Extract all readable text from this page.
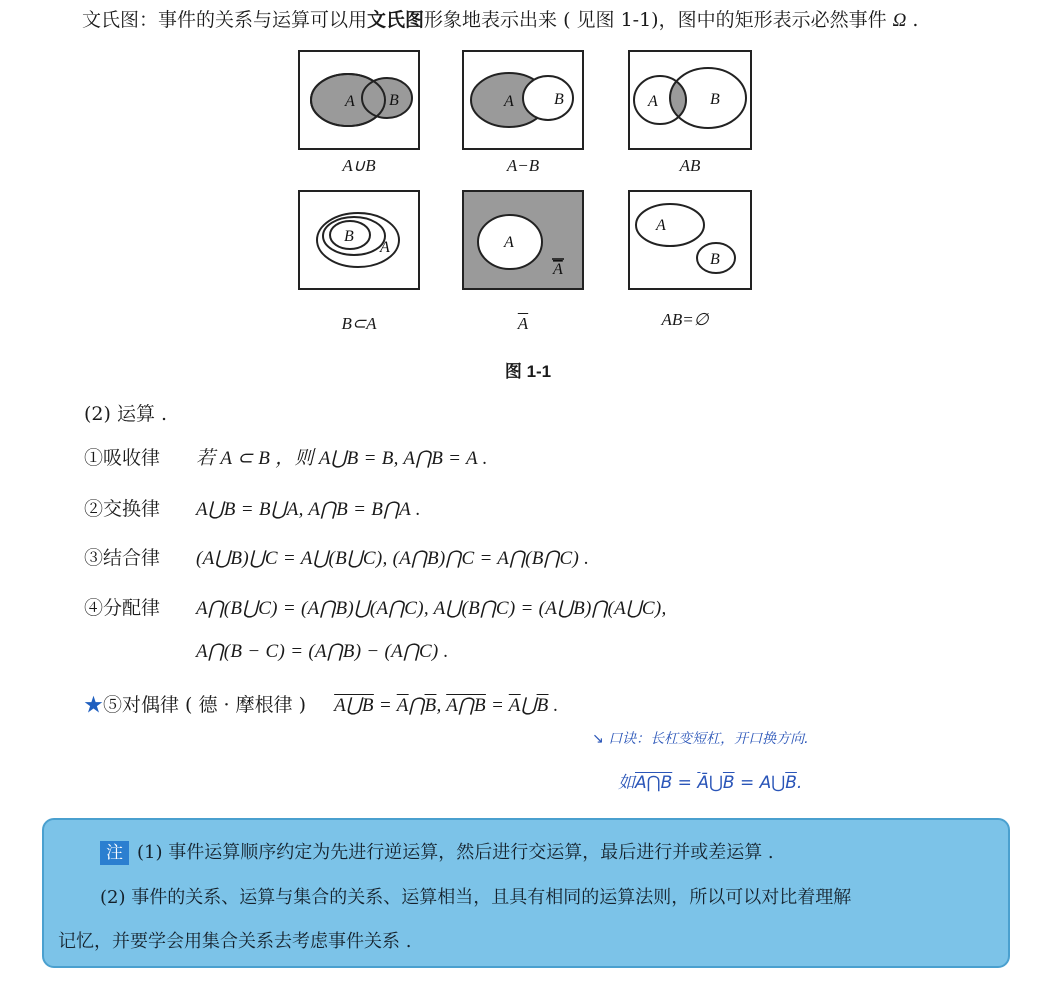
文氏图：事件的关系与运算可以用文氏图形象地表示出来 ( 见图 1-1)，图中的矩形表示必然事件 Ω .
A B
A∪B
A	B
A−B
A	B
AB
B
A
B⊂A
A
A
$\overline{A}$
A
B
AB=∅
图 1-1
(2) 运算 .
①吸收律 若 A ⊂ B ，则 A⋃B = B, A⋂B = A .
②交换律 A⋃B = B⋃A, A⋂B = B⋂A .
③结合律 (A⋃B)⋃C = A⋃(B⋃C), (A⋂B)⋂C = A⋂(B⋂C) .
④分配律 A⋂(B⋃C) = (A⋂B)⋃(A⋂C), A⋃(B⋂C) = (A⋃B)⋂(A⋃C),
A⋂(B − C) = (A⋂B) − (A⋂C) .
★⑤对偶律 ( 德 · 摩根律 ) A⋃B = $\overline{A}⋂\overline{B}$, A⋂B = $\overline{A}⋃\overline{B}$ .
↘ 口诀：长杠变短杠，开口换方向.
如A⋂B = $\overline{Ā}⋃\overline{B}$ = $A⋃\overline{B}$.
注 (1) 事件运算顺序约定为先进行逆运算，然后进行交运算，最后进行并或差运算 .
(2) 事件的关系、运算与集合的关系、运算相当，且具有相同的运算法则，所以可以对比着理解
记忆，并要学会用集合关系去考虑事件关系 .
